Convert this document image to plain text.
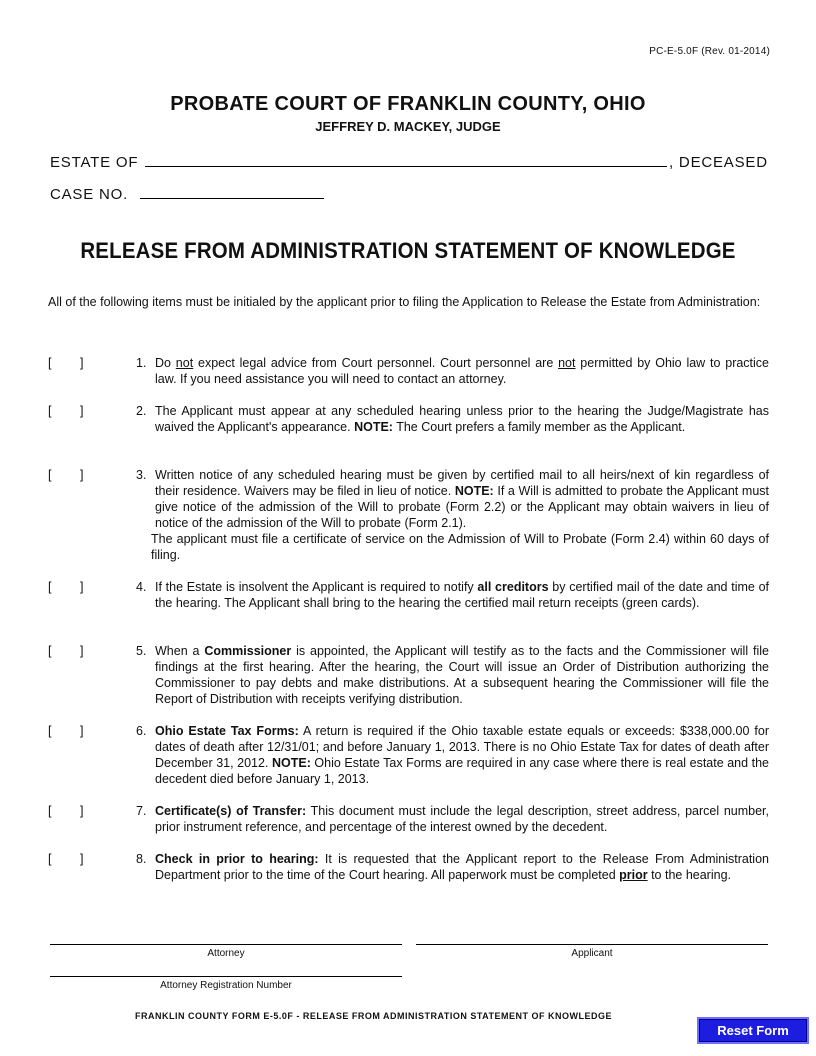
PC-E-5.0F (Rev. 01-2014)
PROBATE COURT OF FRANKLIN COUNTY, OHIO
JEFFREY D. MACKEY, JUDGE
ESTATE OF	, DECEASED
CASE NO.
RELEASE FROM ADMINISTRATION STATEMENT OF KNOWLEDGE
All of the following items must be initialed by the applicant prior to filing the Application to Release the Estate from Administration:
[ ]	1. Do not expect legal advice from Court personnel. Court personnel are not permitted by Ohio law to practice law. If you need assistance you will need to contact an attorney.
[ ]	2. The Applicant must appear at any scheduled hearing unless prior to the hearing the Judge/Magistrate has waived the Applicant's appearance. NOTE: The Court prefers a family member as the Applicant.
[ ]	3. Written notice of any scheduled hearing must be given by certified mail to all heirs/next of kin regardless of their residence. Waivers may be filed in lieu of notice. NOTE: If a Will is admitted to probate the Applicant must give notice of the admission of the Will to probate (Form 2.2) or the Applicant may obtain waivers in lieu of notice of the admission of the Will to probate (Form 2.1).
The applicant must file a certificate of service on the Admission of Will to Probate (Form 2.4) within 60 days of filing.
[ ]	4. If the Estate is insolvent the Applicant is required to notify all creditors by certified mail of the date and time of the hearing. The Applicant shall bring to the hearing the certified mail return receipts (green cards).
[ ]	5. When a Commissioner is appointed, the Applicant will testify as to the facts and the Commissioner will file findings at the first hearing. After the hearing, the Court will issue an Order of Distribution authorizing the Commissioner to pay debts and make distributions. At a subsequent hearing the Commissioner will file the Report of Distribution with receipts verifying distribution.
[ ]	6. Ohio Estate Tax Forms: A return is required if the Ohio taxable estate equals or exceeds: $338,000.00 for dates of death after 12/31/01; and before January 1, 2013. There is no Ohio Estate Tax for dates of death after December 31, 2012. NOTE: Ohio Estate Tax Forms are required in any case where there is real estate and the decedent died before January 1, 2013.
[ ]	7. Certificate(s) of Transfer: This document must include the legal description, street address, parcel number, prior instrument reference, and percentage of the interest owned by the decedent.
[ ]	8. Check in prior to hearing: It is requested that the Applicant report to the Release From Administration Department prior to the time of the Court hearing. All paperwork must be completed prior to the hearing.
Attorney	Applicant
Attorney Registration Number
FRANKLIN COUNTY FORM E-5.0F - RELEASE FROM ADMINISTRATION STATEMENT OF KNOWLEDGE
Reset Form
